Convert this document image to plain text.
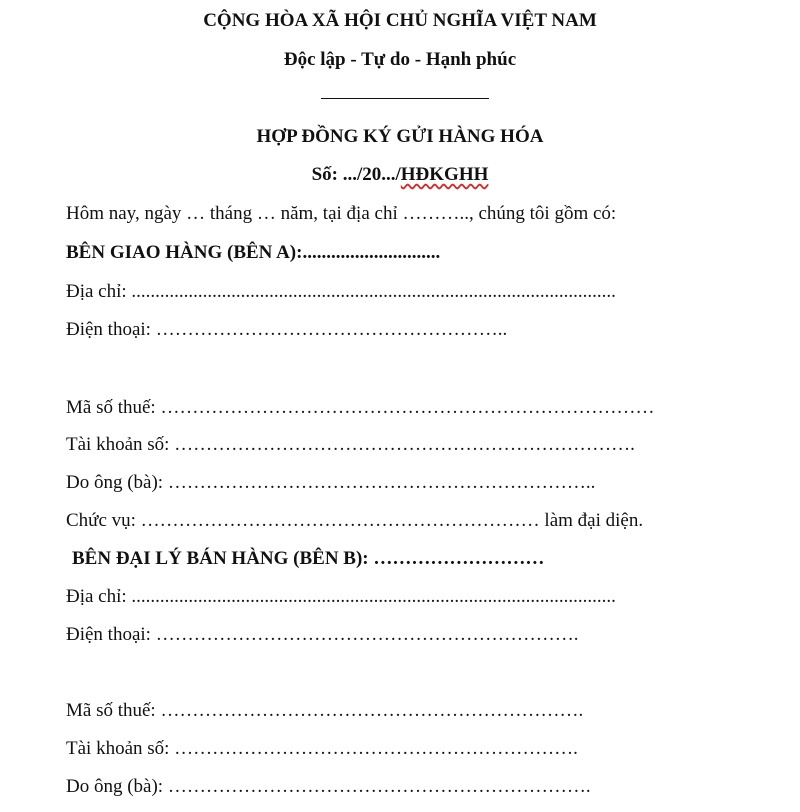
CỘNG HÒA XÃ HỘI CHỦ NGHĨA VIỆT NAM
Độc lập - Tự do - Hạnh phúc
HỢP ĐỒNG KÝ GỬI HÀNG HÓA
Số: .../20.../HĐKGHH
Hôm nay, ngày … tháng … năm, tại địa chỉ ……….., chúng tôi gồm có:
BÊN GIAO HÀNG (BÊN A):.............................
Địa chỉ: ......................................................................................................
Điện thoại: ………………………………………………..
Mã số thuế: ……………………………………………………………………
Tài khoản số: ……………………………………………………………….
Do ông (bà): …………………………………………………………..
Chức vụ: ……………………………………………………… làm đại diện.
BÊN ĐẠI LÝ BÁN HÀNG (BÊN B): ………………………
Địa chỉ: ......................................................................................................
Điện thoại: ………………………………………………………….
Mã số thuế: ………………………………………………………….
Tài khoản số: ……………………………………………………….
Do ông (bà): ………………………………………………………….
